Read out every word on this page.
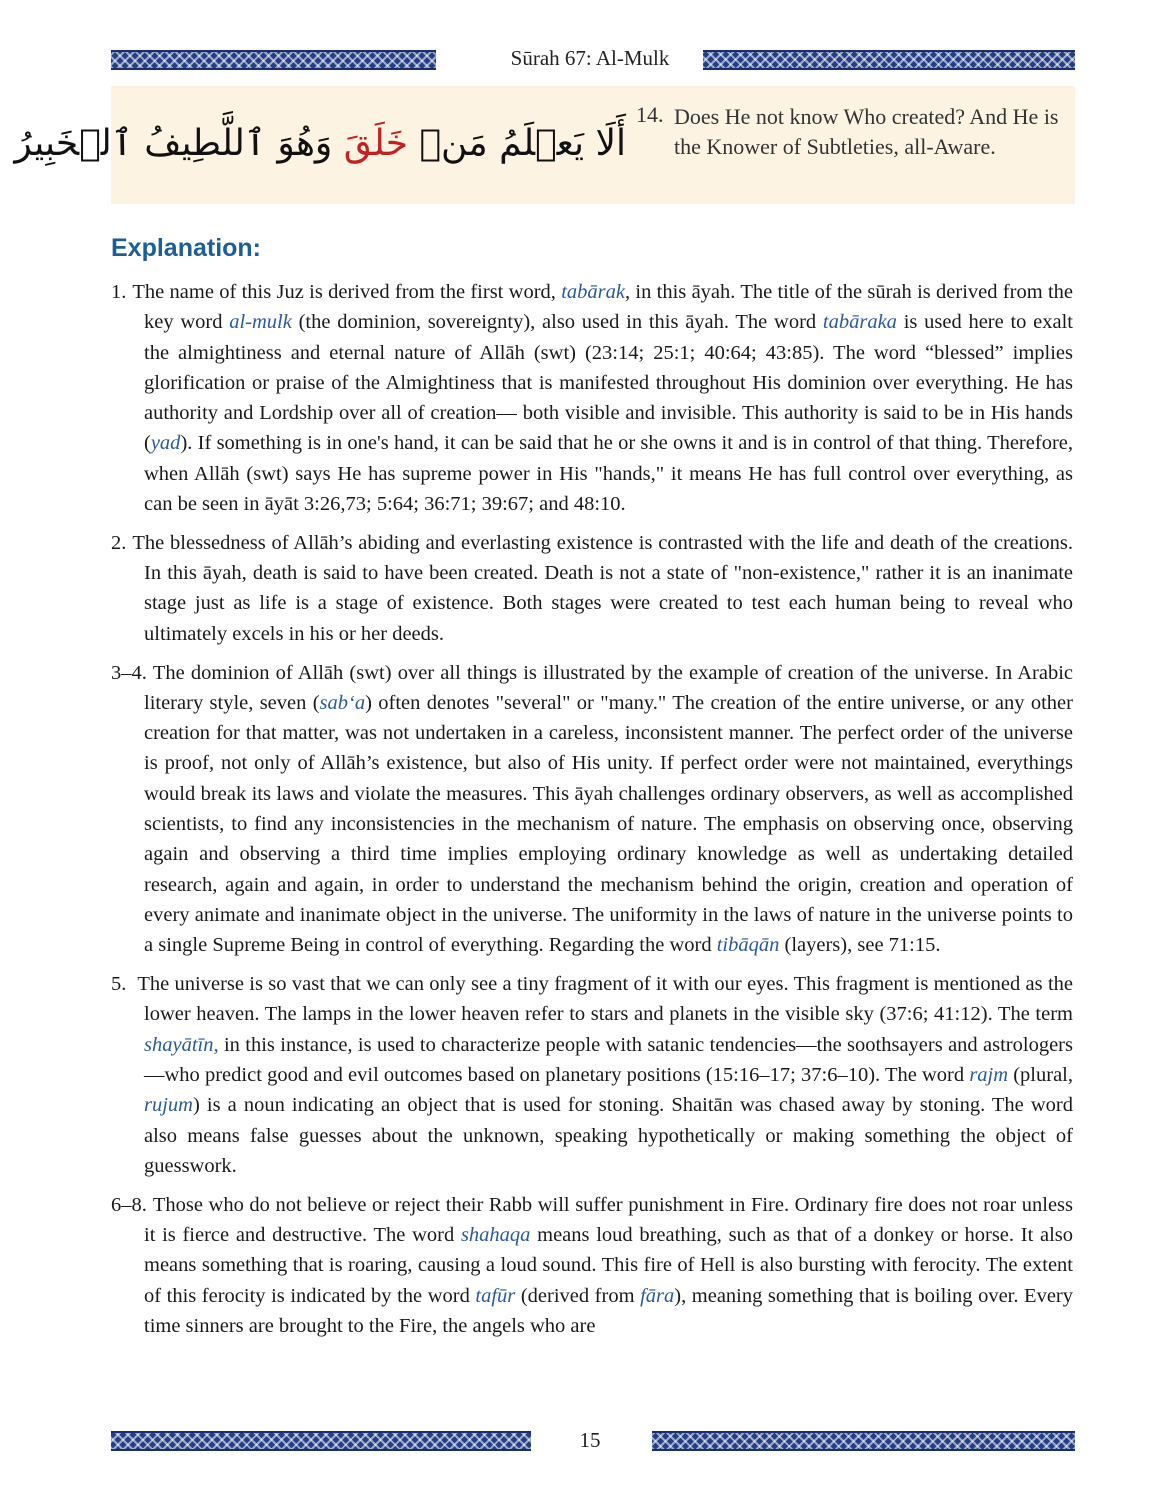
Sūrah 67: Al-Mulk
أَلَا يَعۡلَمُ مَنۡ خَلَقَ وَهُوَ ٱللَّطِيفُ ٱلۡخَبِيرُ
14. Does He not know Who created? And He is the Knower of Subtleties, all-Aware.
Explanation:
1. The name of this Juz is derived from the first word, tabārak, in this āyah. The title of the sūrah is derived from the key word al-mulk (the dominion, sovereignty), also used in this āyah. The word tabāraka is used here to exalt the almightiness and eternal nature of Allāh (swt) (23:14; 25:1; 40:64; 43:85). The word “blessed” implies glorification or praise of the Almightiness that is manifested throughout His dominion over everything. He has authority and Lordship over all of creation— both visible and invisible. This authority is said to be in His hands (yad). If something is in one's hand, it can be said that he or she owns it and is in control of that thing. Therefore, when Allāh (swt) says He has supreme power in His "hands," it means He has full control over everything, as can be seen in āyāt 3:26,73; 5:64; 36:71; 39:67; and 48:10.
2. The blessedness of Allāh’s abiding and everlasting existence is contrasted with the life and death of the creations. In this āyah, death is said to have been created. Death is not a state of "non-existence," rather it is an inanimate stage just as life is a stage of existence. Both stages were created to test each human being to reveal who ultimately excels in his or her deeds.
3–4. The dominion of Allāh (swt) over all things is illustrated by the example of creation of the universe. In Arabic literary style, seven (sab‘a) often denotes "several" or "many." The creation of the entire universe, or any other creation for that matter, was not undertaken in a careless, inconsistent manner. The perfect order of the universe is proof, not only of Allāh’s existence, but also of His unity. If perfect order were not maintained, everythings would break its laws and violate the measures. This āyah challenges ordinary observers, as well as accomplished scientists, to find any inconsistencies in the mechanism of nature. The emphasis on observing once, observing again and observing a third time implies employing ordinary knowledge as well as undertaking detailed research, again and again, in order to understand the mechanism behind the origin, creation and operation of every animate and inanimate object in the universe. The uniformity in the laws of nature in the universe points to a single Supreme Being in control of everything. Regarding the word tibāqān (layers), see 71:15.
5. The universe is so vast that we can only see a tiny fragment of it with our eyes. This fragment is mentioned as the lower heaven. The lamps in the lower heaven refer to stars and planets in the visible sky (37:6; 41:12). The term shayātīn, in this instance, is used to characterize people with satanic tendencies—the soothsayers and astrologers—who predict good and evil outcomes based on planetary positions (15:16–17; 37:6–10). The word rajm (plural, rujum) is a noun indicating an object that is used for stoning. Shaitān was chased away by stoning. The word also means false guesses about the unknown, speaking hypothetically or making something the object of guesswork.
6–8. Those who do not believe or reject their Rabb will suffer punishment in Fire. Ordinary fire does not roar unless it is fierce and destructive. The word shahaqa means loud breathing, such as that of a donkey or horse. It also means something that is roaring, causing a loud sound. This fire of Hell is also bursting with ferocity. The extent of this ferocity is indicated by the word tafūr (derived from fāra), meaning something that is boiling over. Every time sinners are brought to the Fire, the angels who are
15
